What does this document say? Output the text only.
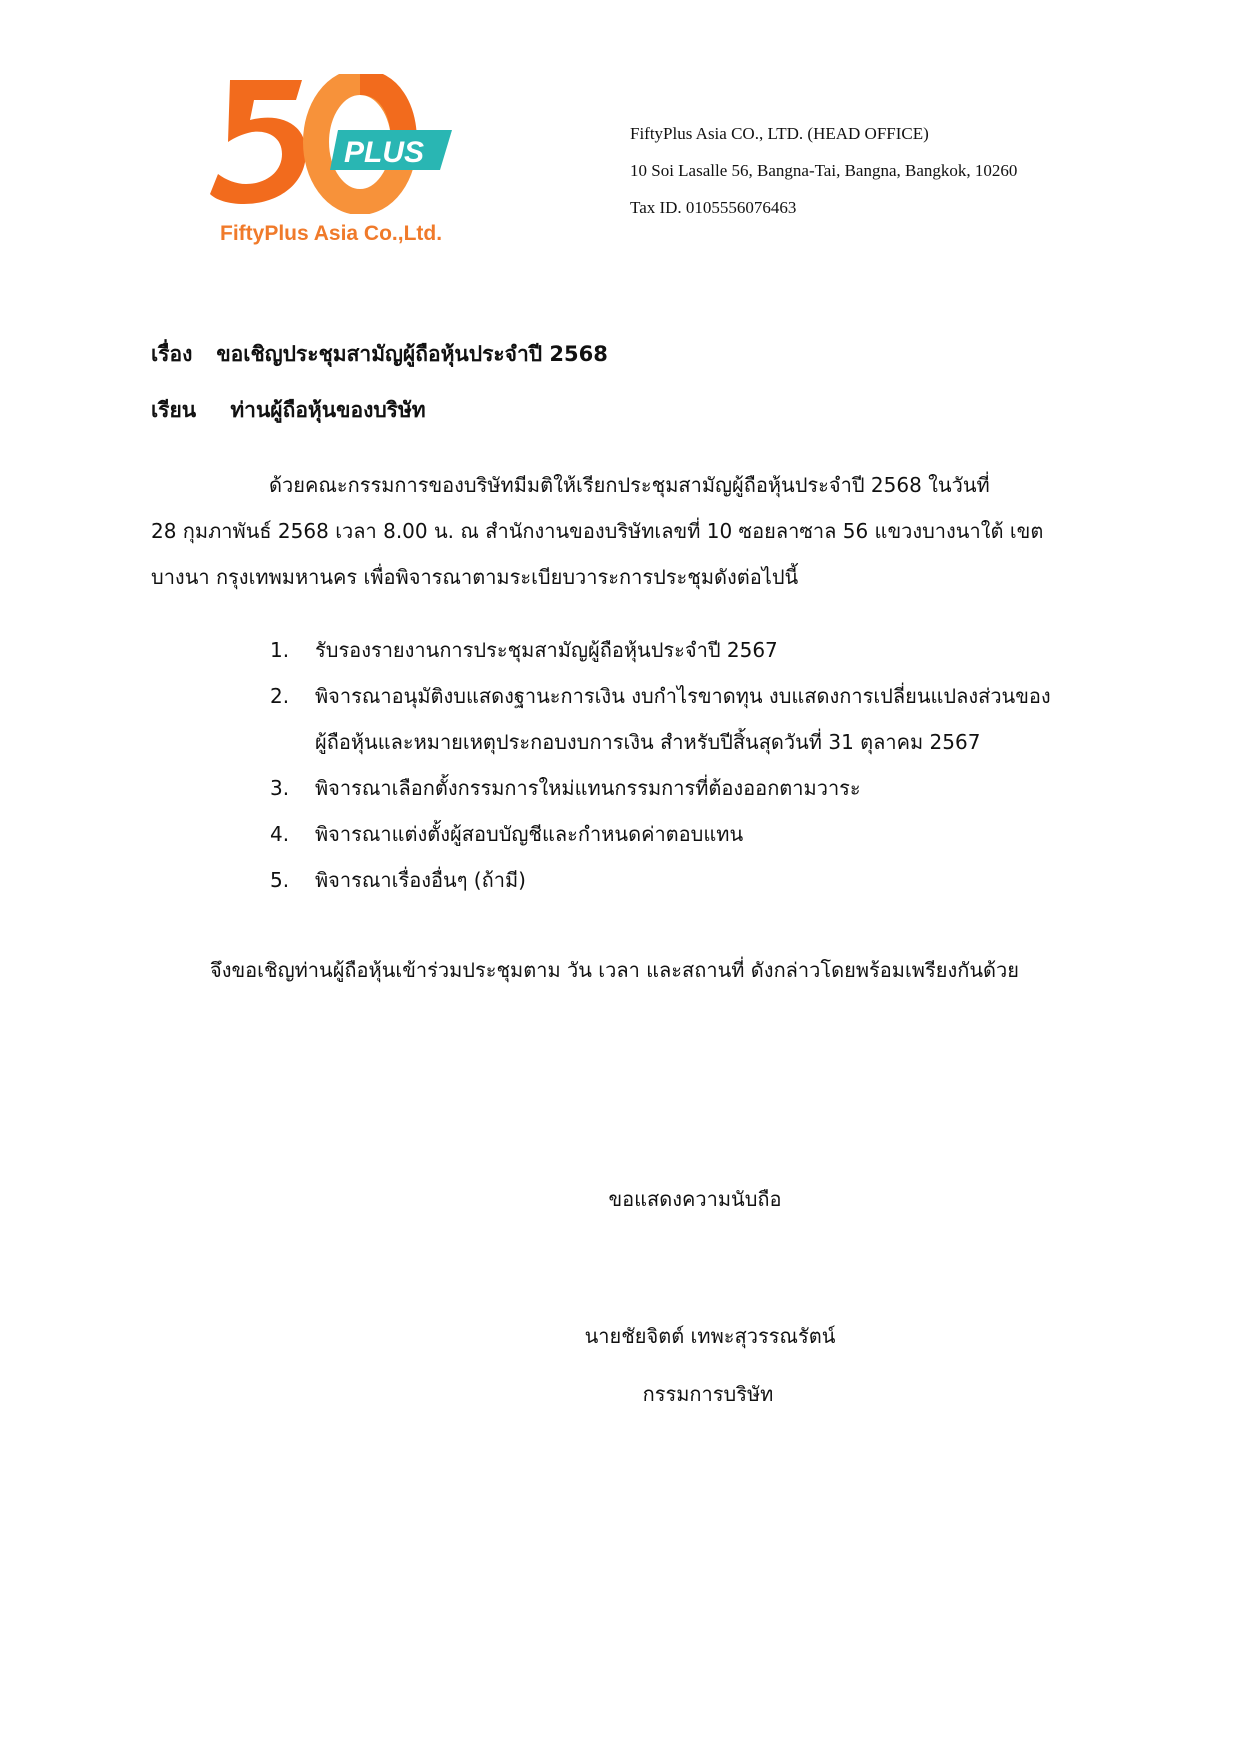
PLUS
FiftyPlus Asia Co.,Ltd.
FiftyPlus Asia CO., LTD. (HEAD OFFICE)
10 Soi Lasalle 56, Bangna-Tai, Bangna, Bangkok, 10260
Tax ID. 0105556076463
เรื่อง ขอเชิญประชุมสามัญผู้ถือหุ้นประจำปี 2568
เรียน ท่านผู้ถือหุ้นของบริษัท
ด้วยคณะกรรมการของบริษัทมีมติให้เรียกประชุมสามัญผู้ถือหุ้นประจำปี 2568 ในวันที่
28 กุมภาพันธ์ 2568 เวลา 8.00 น. ณ สำนักงานของบริษัทเลขที่ 10 ซอยลาซาล 56 แขวงบางนาใต้ เขต
บางนา กรุงเทพมหานคร เพื่อพิจารณาตามระเบียบวาระการประชุมดังต่อไปนี้
1. รับรองรายงานการประชุมสามัญผู้ถือหุ้นประจำปี 2567
2. พิจารณาอนุมัติงบแสดงฐานะการเงิน งบกำไรขาดทุน งบแสดงการเปลี่ยนแปลงส่วนของ
ผู้ถือหุ้นและหมายเหตุประกอบงบการเงิน สำหรับปีสิ้นสุดวันที่ 31 ตุลาคม 2567
3. พิจารณาเลือกตั้งกรรมการใหม่แทนกรรมการที่ต้องออกตามวาระ
4. พิจารณาแต่งตั้งผู้สอบบัญชีและกำหนดค่าตอบแทน
5. พิจารณาเรื่องอื่นๆ (ถ้ามี)
จึงขอเชิญท่านผู้ถือหุ้นเข้าร่วมประชุมตาม วัน เวลา และสถานที่ ดังกล่าวโดยพร้อมเพรียงกันด้วย
ขอแสดงความนับถือ
นายชัยจิตต์ เทพะสุวรรณรัตน์
กรรมการบริษัท
